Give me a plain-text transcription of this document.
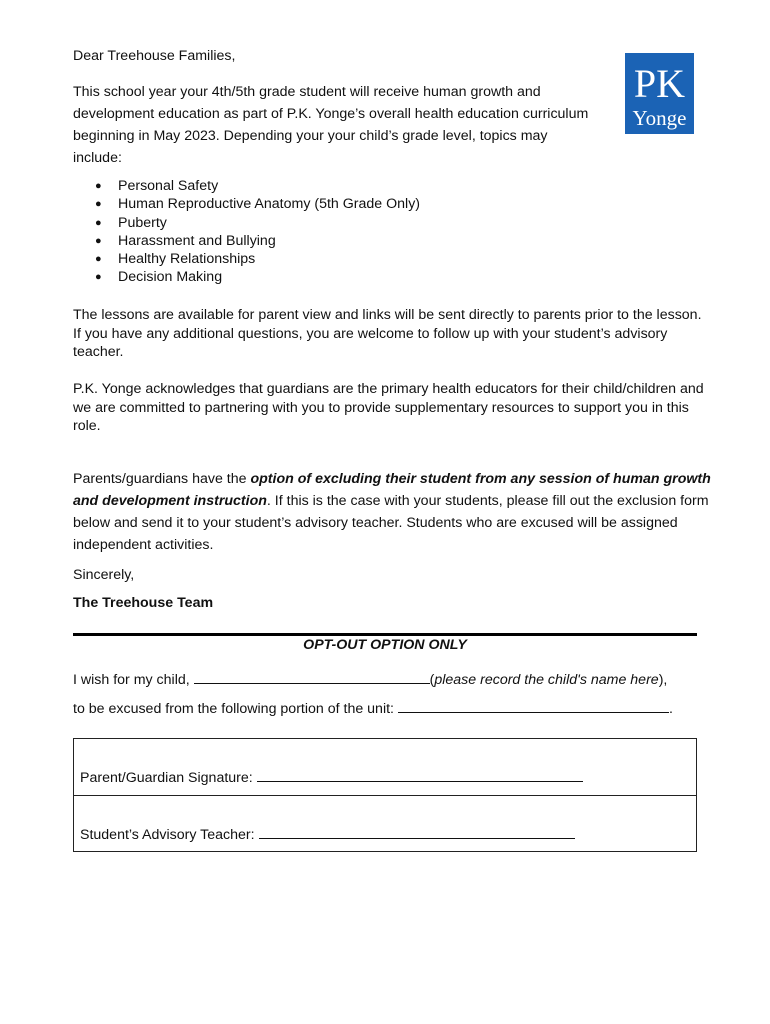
Dear Treehouse Families,
This school year your 4th/5th grade student will receive human growth and development education as part of P.K. Yonge’s overall health education curriculum beginning in May 2023. Depending your your child’s grade level, topics may include:
● Personal Safety
● Human Reproductive Anatomy (5th Grade Only)
● Puberty
● Harassment and Bullying
● Healthy Relationships
● Decision Making
The lessons are available for parent view and links will be sent directly to parents prior to the lesson. If you have any additional questions, you are welcome to follow up with your student’s advisory teacher.
P.K. Yonge acknowledges that guardians are the primary health educators for their child/children and we are committed to partnering with you to provide supplementary resources to support you in this role.
Parents/guardians have the option of excluding their student from any session of human growth and development instruction. If this is the case with your students, please fill out the exclusion form below and send it to your student’s advisory teacher. Students who are excused will be assigned independent activities.
Sincerely,
The Treehouse Team
OPT-OUT OPTION ONLY
I wish for my child,	(please record the child's name here),
to be excused from the following portion of the unit:	.
Parent/Guardian Signature:
Student’s Advisory Teacher:
PK
Yonge
